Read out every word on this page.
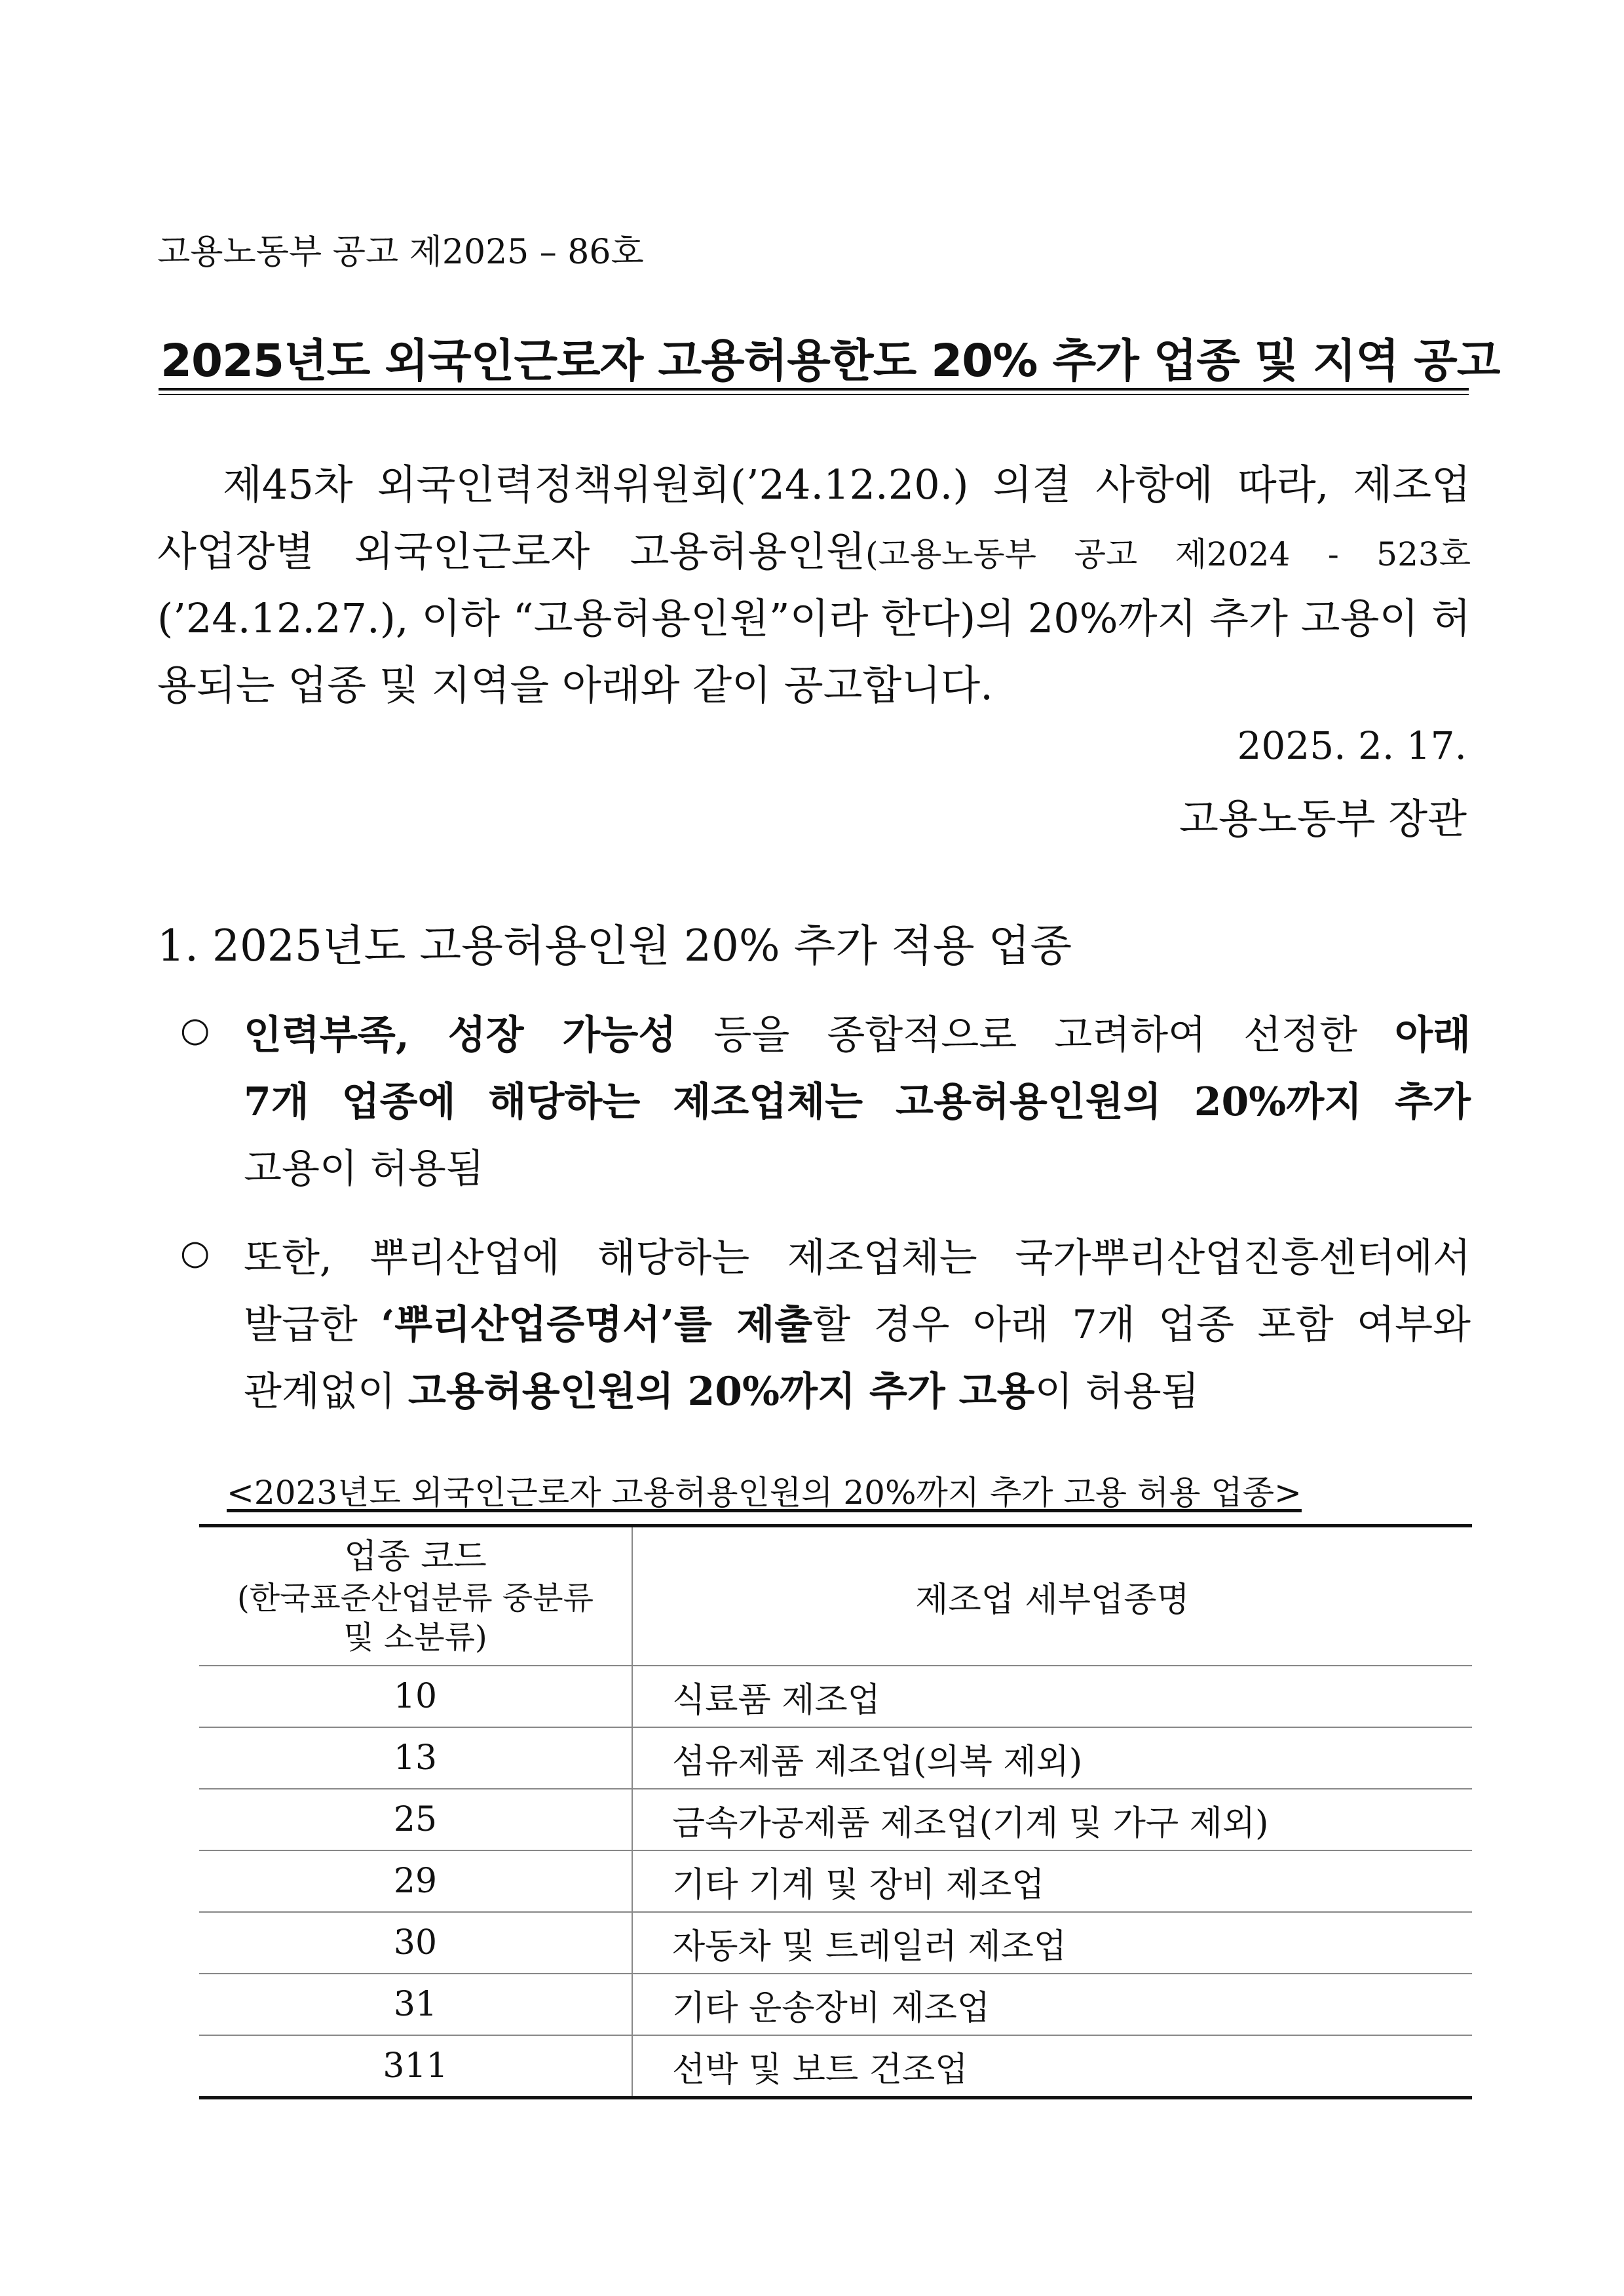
고용노동부 공고 제2025 – 86호
2025년도 외국인근로자 고용허용한도 20% 추가 업종 및 지역 공고
제45차 외국인력정책위원회(’24.12.20.) 의결 사항에 따라, 제조업
사업장별 외국인근로자 고용허용인원(고용노동부 공고 제2024 - 523호
(’24.12.27.), 이하 “고용허용인원”이라 한다)의 20%까지 추가 고용이 허
용되는 업종 및 지역을 아래와 같이 공고합니다.
2025. 2. 17.
고용노동부 장관
1. 2025년도 고용허용인원 20% 추가 적용 업종
○ 인력부족, 성장 가능성 등을 종합적으로 고려하여 선정한 아래
7개 업종에 해당하는 제조업체는 고용허용인원의 20%까지 추가
고용이 허용됨
○ 또한, 뿌리산업에 해당하는 제조업체는 국가뿌리산업진흥센터에서
발급한 ‘뿌리산업증명서’를 제출할 경우 아래 7개 업종 포함 여부와
관계없이 고용허용인원의 20%까지 추가 고용이 허용됨
<2023년도 외국인근로자 고용허용인원의 20%까지 추가 고용 허용 업종>
업종 코드
(한국표준산업분류 중분류
및 소분류)	제조업 세부업종명
10	식료품 제조업
13	섬유제품 제조업(의복 제외)
25	금속가공제품 제조업(기계 및 가구 제외)
29	기타 기계 및 장비 제조업
30	자동차 및 트레일러 제조업
31	기타 운송장비 제조업
311	선박 및 보트 건조업
